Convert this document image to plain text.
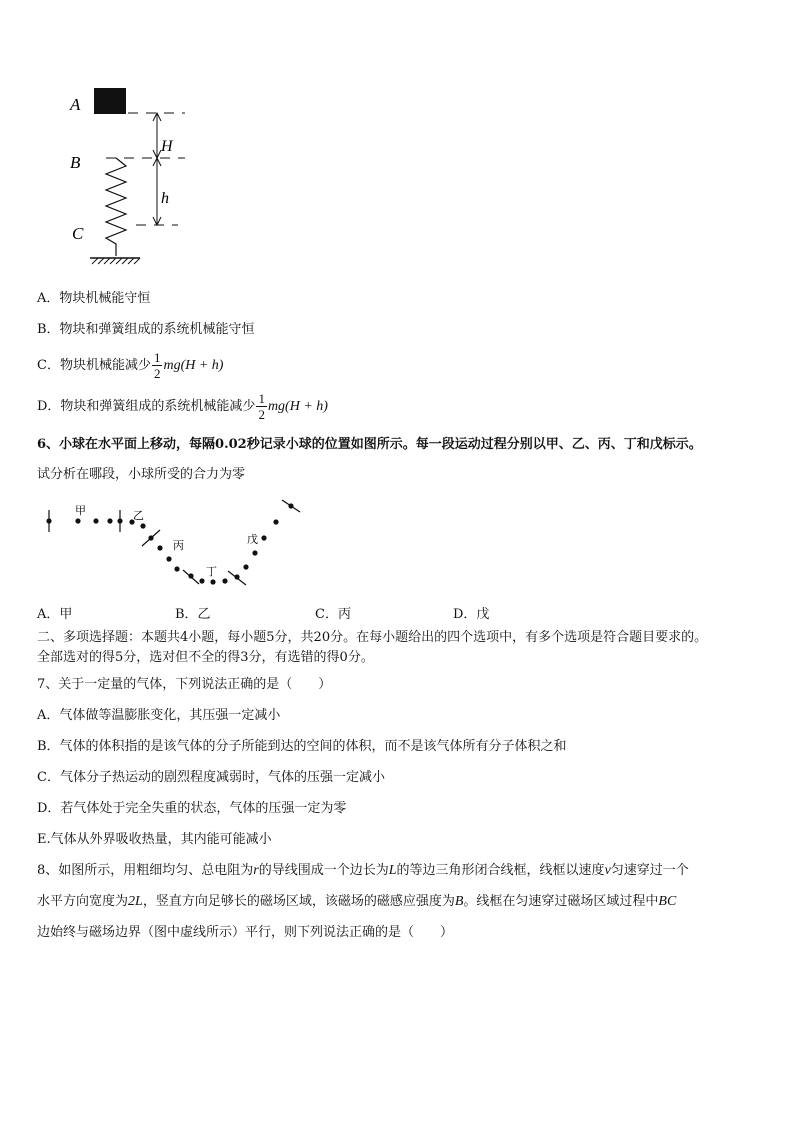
A
B
C
H
h
A．物块机械能守恒
B．物块和弹簧组成的系统机械能守恒
C．物块机械能减少 $\frac{1}{2} mg(H + h)$
D．物块和弹簧组成的系统机械能减少 $\frac{1}{2} mg(H + h)$
6、小球在水平面上移动，每隔0.02秒记录小球的位置如图所示。每一段运动过程分别以甲、乙、丙、丁和戊标示。
试分析在哪段，小球所受的合力为零
甲	乙
丙
丁
戊
A．甲	B．乙	C．丙	D．戊
二、多项选择题：本题共4小题，每小题5分，共20分。在每小题给出的四个选项中，有多个选项是符合题目要求的。
全部选对的得5分，选对但不全的得3分，有选错的得0分。
7、关于一定量的气体，下列说法正确的是（　　）
A．气体做等温膨胀变化，其压强一定减小
B．气体的体积指的是该气体的分子所能到达的空间的体积，而不是该气体所有分子体积之和
C．气体分子热运动的剧烈程度减弱时，气体的压强一定减小
D．若气体处于完全失重的状态，气体的压强一定为零
E.气体从外界吸收热量，其内能可能减小
8、如图所示，用粗细均匀、总电阻为r的导线围成一个边长为L的等边三角形闭合线框，线框以速度v匀速穿过一个
水平方向宽度为2L，竖直方向足够长的磁场区域，该磁场的磁感应强度为B。线框在匀速穿过磁场区域过程中BC
边始终与磁场边界（图中虚线所示）平行，则下列说法正确的是（　　）
